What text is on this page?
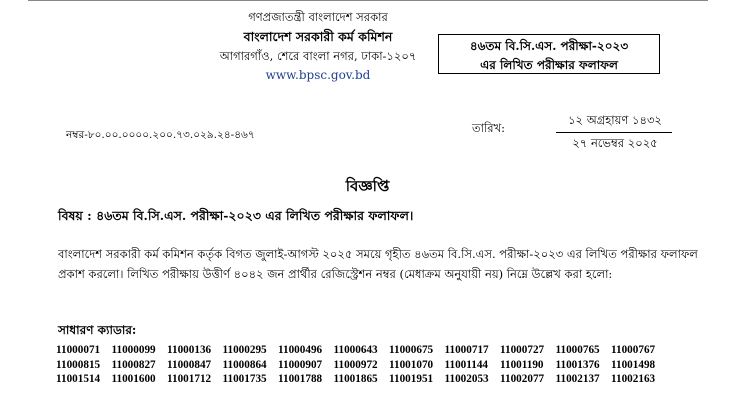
গণপ্রজাতন্ত্রী বাংলাদেশ সরকার
বাংলাদেশ সরকারী কর্ম কমিশন
আগারগাঁও, শেরে বাংলা নগর, ঢাকা-১২০৭
www.bpsc.gov.bd
৪৬তম বি.সি.এস. পরীক্ষা-২০২৩
এর লিখিত পরীক্ষার ফলাফল
নম্বর-৮০.০০.০০০০.২০০.৭৩.০২৯.২৪-৪৬৭	তারিখ:
১২ অগ্রহায়ণ ১৪৩২
২৭ নভেম্বর ২০২৫
বিজ্ঞপ্তি
বিষয় : ৪৬তম বি.সি.এস. পরীক্ষা-২০২৩ এর লিখিত পরীক্ষার ফলাফল।
বাংলাদেশ সরকারী কর্ম কমিশন কর্তৃক বিগত জুলাই-আগস্ট ২০২৫ সময়ে গৃহীত ৪৬তম বি.সি.এস. পরীক্ষা-২০২৩ এর লিখিত পরীক্ষার ফলাফল প্রকাশ করলো। লিখিত পরীক্ষায় উত্তীর্ণ ৪০৪২ জন প্রার্থীর রেজিস্ট্রেশন নম্বর (মেধাক্রম অনুযায়ী নয়) নিম্নে উল্লেখ করা হলো:
সাধারণ ক্যাডার:
11000071	11000099	11000136	11000295	11000496	11000643	11000675	11000717	11000727	11000765	11000767
11000815	11000827	11000847	11000864	11000907	11000972	11001070	11001144	11001190	11001376	11001498
11001514	11001600	11001712	11001735	11001788	11001865	11001951	11002053	11002077	11002137	11002163
